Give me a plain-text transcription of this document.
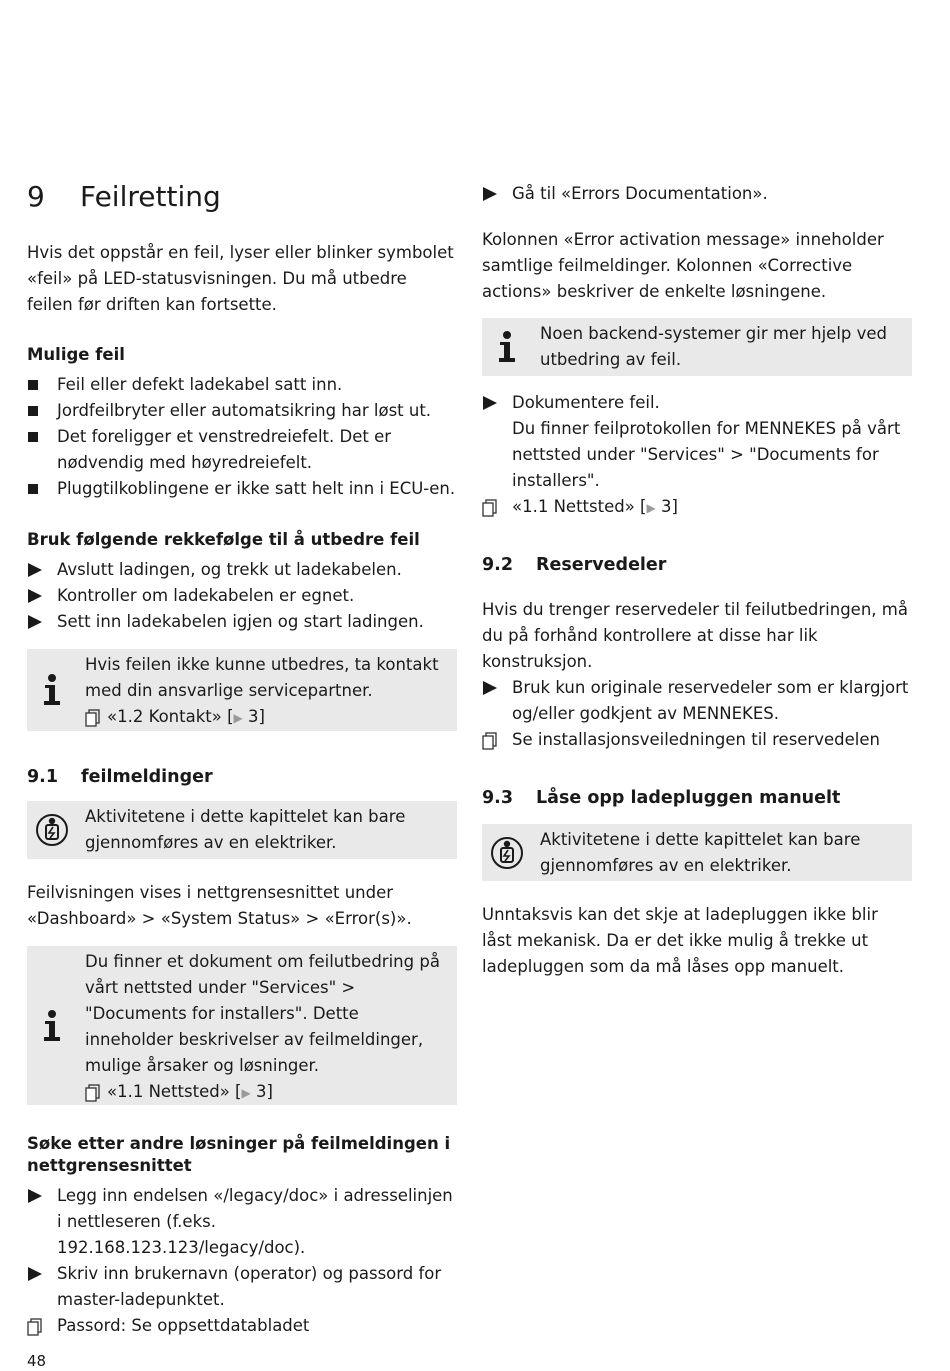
9 Feilretting

Hvis det oppstår en feil, lyser eller blinker symbolet «feil» på LED-statusvisningen. Du må utbedre feilen før driften kan fortsette.

Mulige feil
Feil eller defekt ladekabel satt inn.
Jordfeilbryter eller automatsikring har løst ut.
Det foreligger et venstredreiefelt. Det er nødvendig med høyredreiefelt.
Pluggtilkoblingene er ikke satt helt inn i ECU-en.
Bruk følgende rekkefølge til å utbedre feil
Avslutt ladingen, og trekk ut ladekabelen.
Kontroller om ladekabelen er egnet.
Sett inn ladekabelen igjen og start ladingen.

Hvis feilen ikke kunne utbedres, ta kontakt med din ansvarlige servicepartner.

«1.2 Kontakt» [▶ 3]
9.1 feilmeldinger

Aktivitetene i dette kapittelet kan bare gjennomføres av en elektriker.

Feilvisningen vises i nettgrensesnittet under «Dashboard» > «System Status» > «Error(s)».

Du finner et dokument om feilutbedring på vårt nettsted under "Services" > "Documents for installers". Dette inneholder beskrivelser av feilmeldinger, mulige årsaker og løsninger.

«1.1 Nettsted» [▶ 3]
Søke etter andre løsninger på feilmeldingen i nettgrensesnittet
Legg inn endelsen «/legacy/doc» i adresselinjen i nettleseren (f.eks. 192.168.123.123/legacy/doc).
Skriv inn brukernavn (operator) og passord for master-ladepunktet.
Passord: Se oppsettdatabladet
Gå til «Errors Documentation».

Kolonnen «Error activation message» inneholder samtlige feilmeldinger. Kolonnen «Corrective actions» beskriver de enkelte løsningene.

Noen backend-systemer gir mer hjelp ved utbedring av feil.

Dokumentere feil.
Du finner feilprotokollen for MENNEKES på vårt nettsted under "Services" > "Documents for installers".
«1.1 Nettsted» [▶ 3]
9.2 Reservedeler

Hvis du trenger reservedeler til feilutbedringen, må du på forhånd kontrollere at disse har lik konstruksjon.

Bruk kun originale reservedeler som er klargjort og/eller godkjent av MENNEKES.
Se installasjonsveiledningen til reservedelen
9.3 Låse opp ladepluggen manuelt

Aktivitetene i dette kapittelet kan bare gjennomføres av en elektriker.

Unntaksvis kan det skje at ladepluggen ikke blir låst mekanisk. Da er det ikke mulig å trekke ut ladepluggen som da må låses opp manuelt.

48
